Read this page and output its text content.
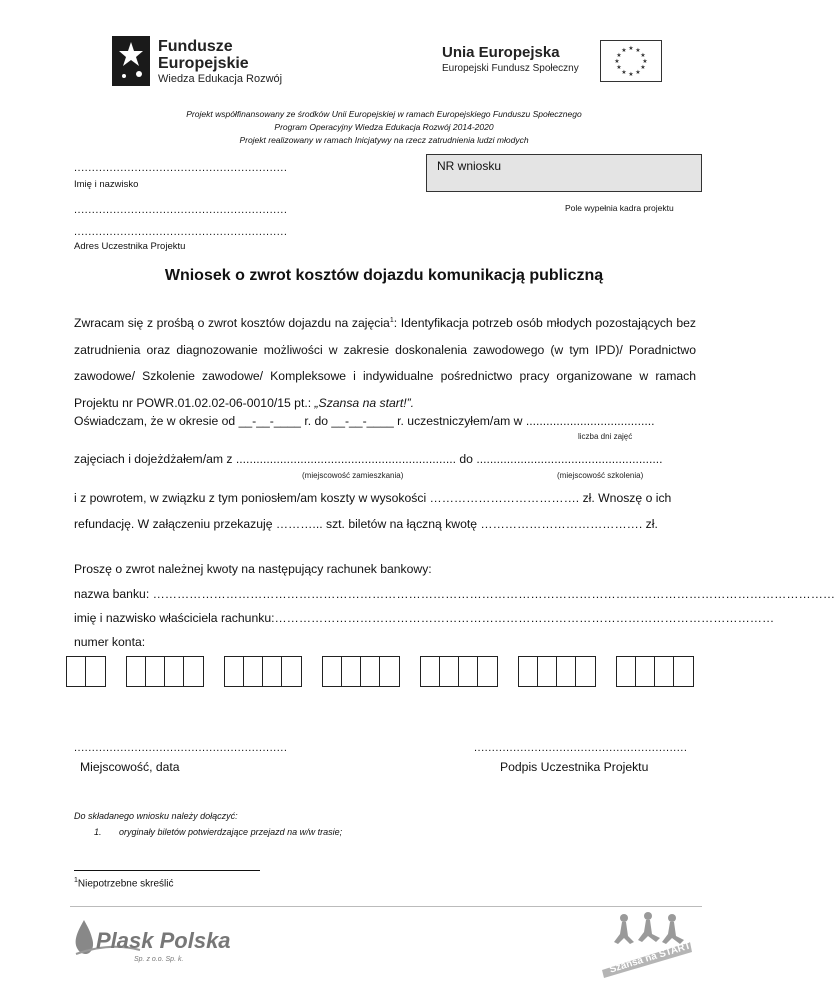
Fundusze
Europejskie
Wiedza Edukacja Rozwój
Unia Europejska
Europejski Fundusz Społeczny
★ ★
★
★
★
★
★
★
★
★
★
★
Projekt współfinansowany ze środków Unii Europejskiej w ramach Europejskiego Funduszu Społecznego
Program Operacyjny Wiedza Edukacja Rozwój 2014-2020
Projekt realizowany w ramach Inicjatywy na rzecz zatrudnienia ludzi młodych
............................................................
Imię i nazwisko
NR wniosku
Pole wypełnia kadra projektu
............................................................
............................................................
Adres Uczestnika Projektu
Wniosek o zwrot kosztów dojazdu komunikacją publiczną
Zwracam się z prośbą o zwrot kosztów dojazdu na zajęcia$^1$: Identyfikacja potrzeb osób młodych pozostających bez zatrudnienia oraz diagnozowanie możliwości w zakresie doskonalenia zawodowego (w tym IPD)/ Poradnictwo zawodowe/ Szkolenie zawodowe/ Kompleksowe i indywidualne pośrednictwo pracy organizowane w ramach Projektu nr POWR.01.02.02-06-0010/15 pt.: „Szansa na start!”.
Oświadczam, że w okresie od __-__-____ r. do __-__-____ r. uczestniczyłem/am w ......................................
liczba dni zajęć
zajęciach i dojeżdżałem/am z ................................................................. do .......................................................
(miejscowość zamieszkania)	(miejscowość szkolenia)
i z powrotem, w związku z tym poniosłem/am koszty w wysokości ………………………………. zł. Wnoszę o ich
refundację. W załączeniu przekazuję ………... szt. biletów na łączną kwotę …………………………………. zł.
Proszę o zwrot należnej kwoty na następujący rachunek bankowy:
nazwa banku: ……………………………………………………………………………………………………………………………………………………
imię i nazwisko właściciela rachunku:……………………………………………………………………………………………………………
numer konta:
............................................................
Miejscowość, data
............................................................
Podpis Uczestnika Projektu
Do składanego wniosku należy dołączyć:
1. oryginały biletów potwierdzające przejazd na w/w trasie;
$^1$Niepotrzebne skreślić
Plask Polska
Sp. z o.o. Sp. k.	Szansa na START!
